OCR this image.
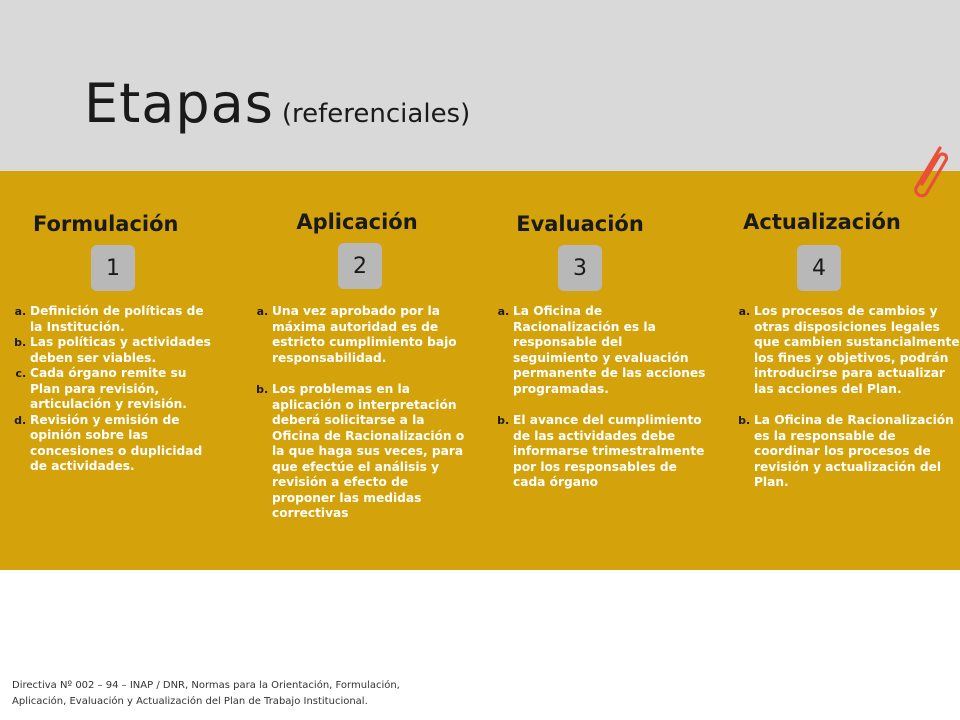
Etapas (referenciales)
Formulación
1
a. Definición de políticas de la Institución.
b. Las políticas y actividades deben ser viables.
c. Cada órgano remite su Plan para revisión, articulación y revisión.
d. Revisión y emisión de opinión sobre las concesiones o duplicidad de actividades.
Aplicación
2
a. Una vez aprobado por la máxima autoridad es de estricto cumplimiento bajo responsabilidad.
b. Los problemas en la aplicación o interpretación deberá solicitarse a la Oficina de Racionalización o la que haga sus veces, para que efectúe el análisis y revisión a efecto de proponer las medidas correctivas
Evaluación
3
a. La Oficina de Racionalización es la responsable del seguimiento y evaluación permanente de las acciones programadas.
b. El avance del cumplimiento de las actividades debe informarse trimestralmente por los responsables de cada órgano
Actualización
4
a. Los procesos de cambios y otras disposiciones legales que cambien sustancialmente los fines y objetivos, podrán introducirse para actualizar las acciones del Plan.
b. La Oficina de Racionalización es la responsable de coordinar los procesos de revisión y actualización del Plan.
Directiva Nº 002 – 94 – INAP / DNR, Normas para la Orientación, Formulación, Aplicación, Evaluación y Actualización del Plan de Trabajo Institucional.
